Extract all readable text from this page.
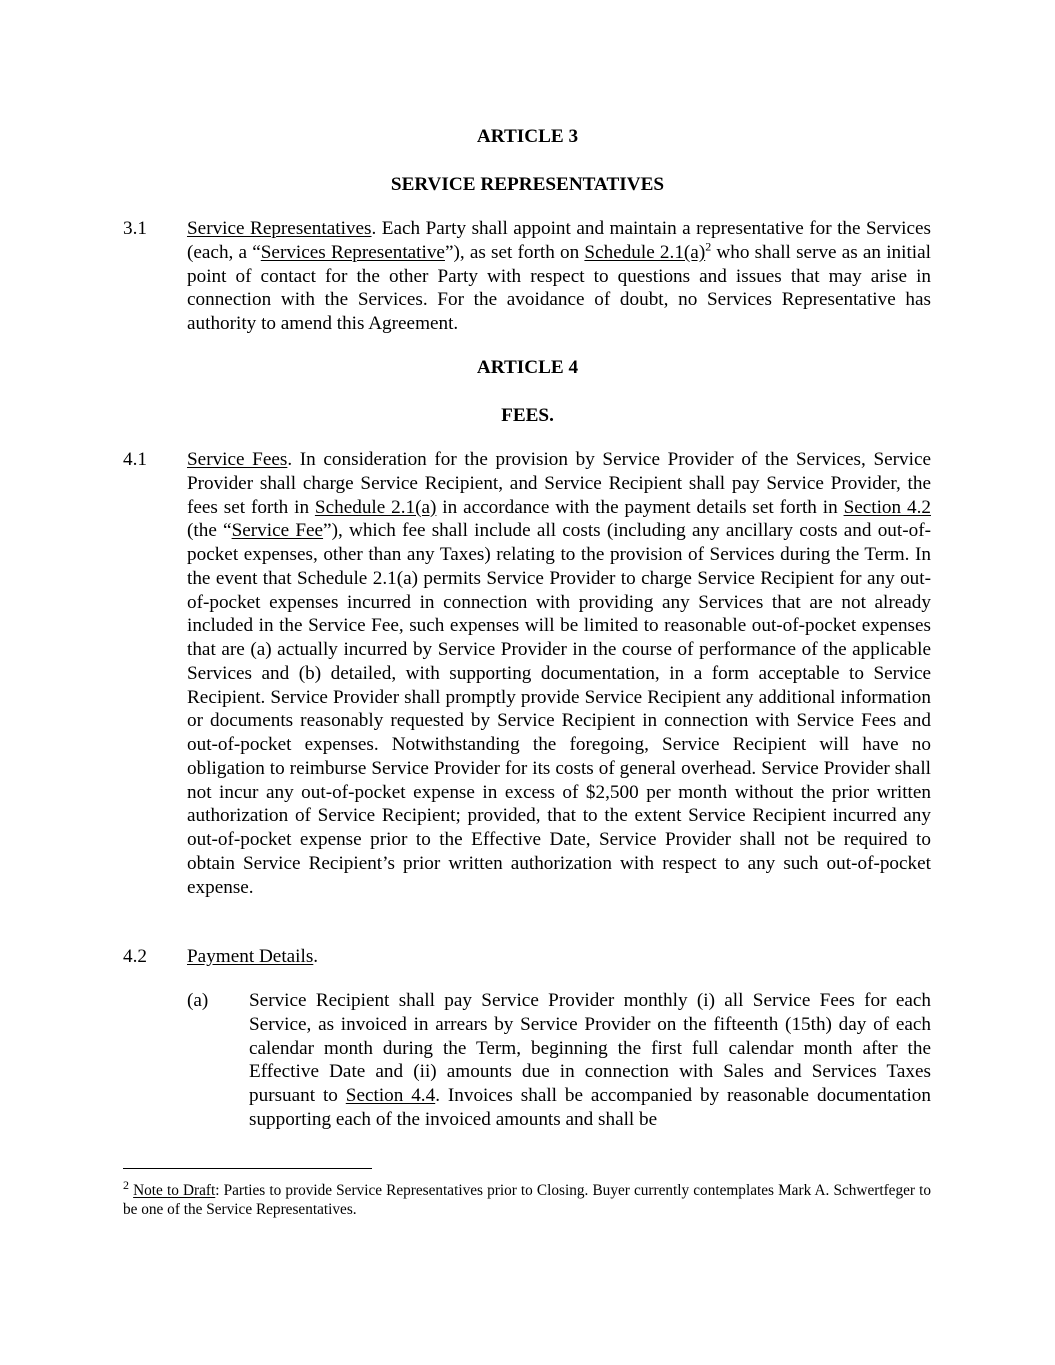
ARTICLE 3
SERVICE REPRESENTATIVES
3.1 Service Representatives. Each Party shall appoint and maintain a representative for the Services (each, a “Services Representative”), as set forth on Schedule $2.1(a)^2$ who shall serve as an initial point of contact for the other Party with respect to questions and issues that may arise in connection with the Services. For the avoidance of doubt, no Services Representative has authority to amend this Agreement.
ARTICLE 4
FEES.
4.1 Service Fees. In consideration for the provision by Service Provider of the Services, Service Provider shall charge Service Recipient, and Service Recipient shall pay Service Provider, the fees set forth in Schedule 2.1(a) in accordance with the payment details set forth in Section 4.2 (the “Service Fee”), which fee shall include all costs (including any ancillary costs and out-of-pocket expenses, other than any Taxes) relating to the provision of Services during the Term. In the event that Schedule 2.1(a) permits Service Provider to charge Service Recipient for any out-of-pocket expenses incurred in connection with providing any Services that are not already included in the Service Fee, such expenses will be limited to reasonable out-of-pocket expenses that are (a) actually incurred by Service Provider in the course of performance of the applicable Services and (b) detailed, with supporting documentation, in a form acceptable to Service Recipient. Service Provider shall promptly provide Service Recipient any additional information or documents reasonably requested by Service Recipient in connection with Service Fees and out-of-pocket expenses. Notwithstanding the foregoing, Service Recipient will have no obligation to reimburse Service Provider for its costs of general overhead. Service Provider shall not incur any out-of-pocket expense in excess of $2,500 per month without the prior written authorization of Service Recipient; provided, that to the extent Service Recipient incurred any out-of-pocket expense prior to the Effective Date, Service Provider shall not be required to obtain Service Recipient’s prior written authorization with respect to any such out-of-pocket expense.
4.2 Payment Details.
(a) Service Recipient shall pay Service Provider monthly (i) all Service Fees for each Service, as invoiced in arrears by Service Provider on the fifteenth (15th) day of each calendar month during the Term, beginning the first full calendar month after the Effective Date and (ii) amounts due in connection with Sales and Services Taxes pursuant to Section 4.4. Invoices shall be accompanied by reasonable documentation supporting each of the invoiced amounts and shall be
$^2$ Note to Draft: Parties to provide Service Representatives prior to Closing. Buyer currently contemplates Mark A. Schwertfeger to be one of the Service Representatives.
